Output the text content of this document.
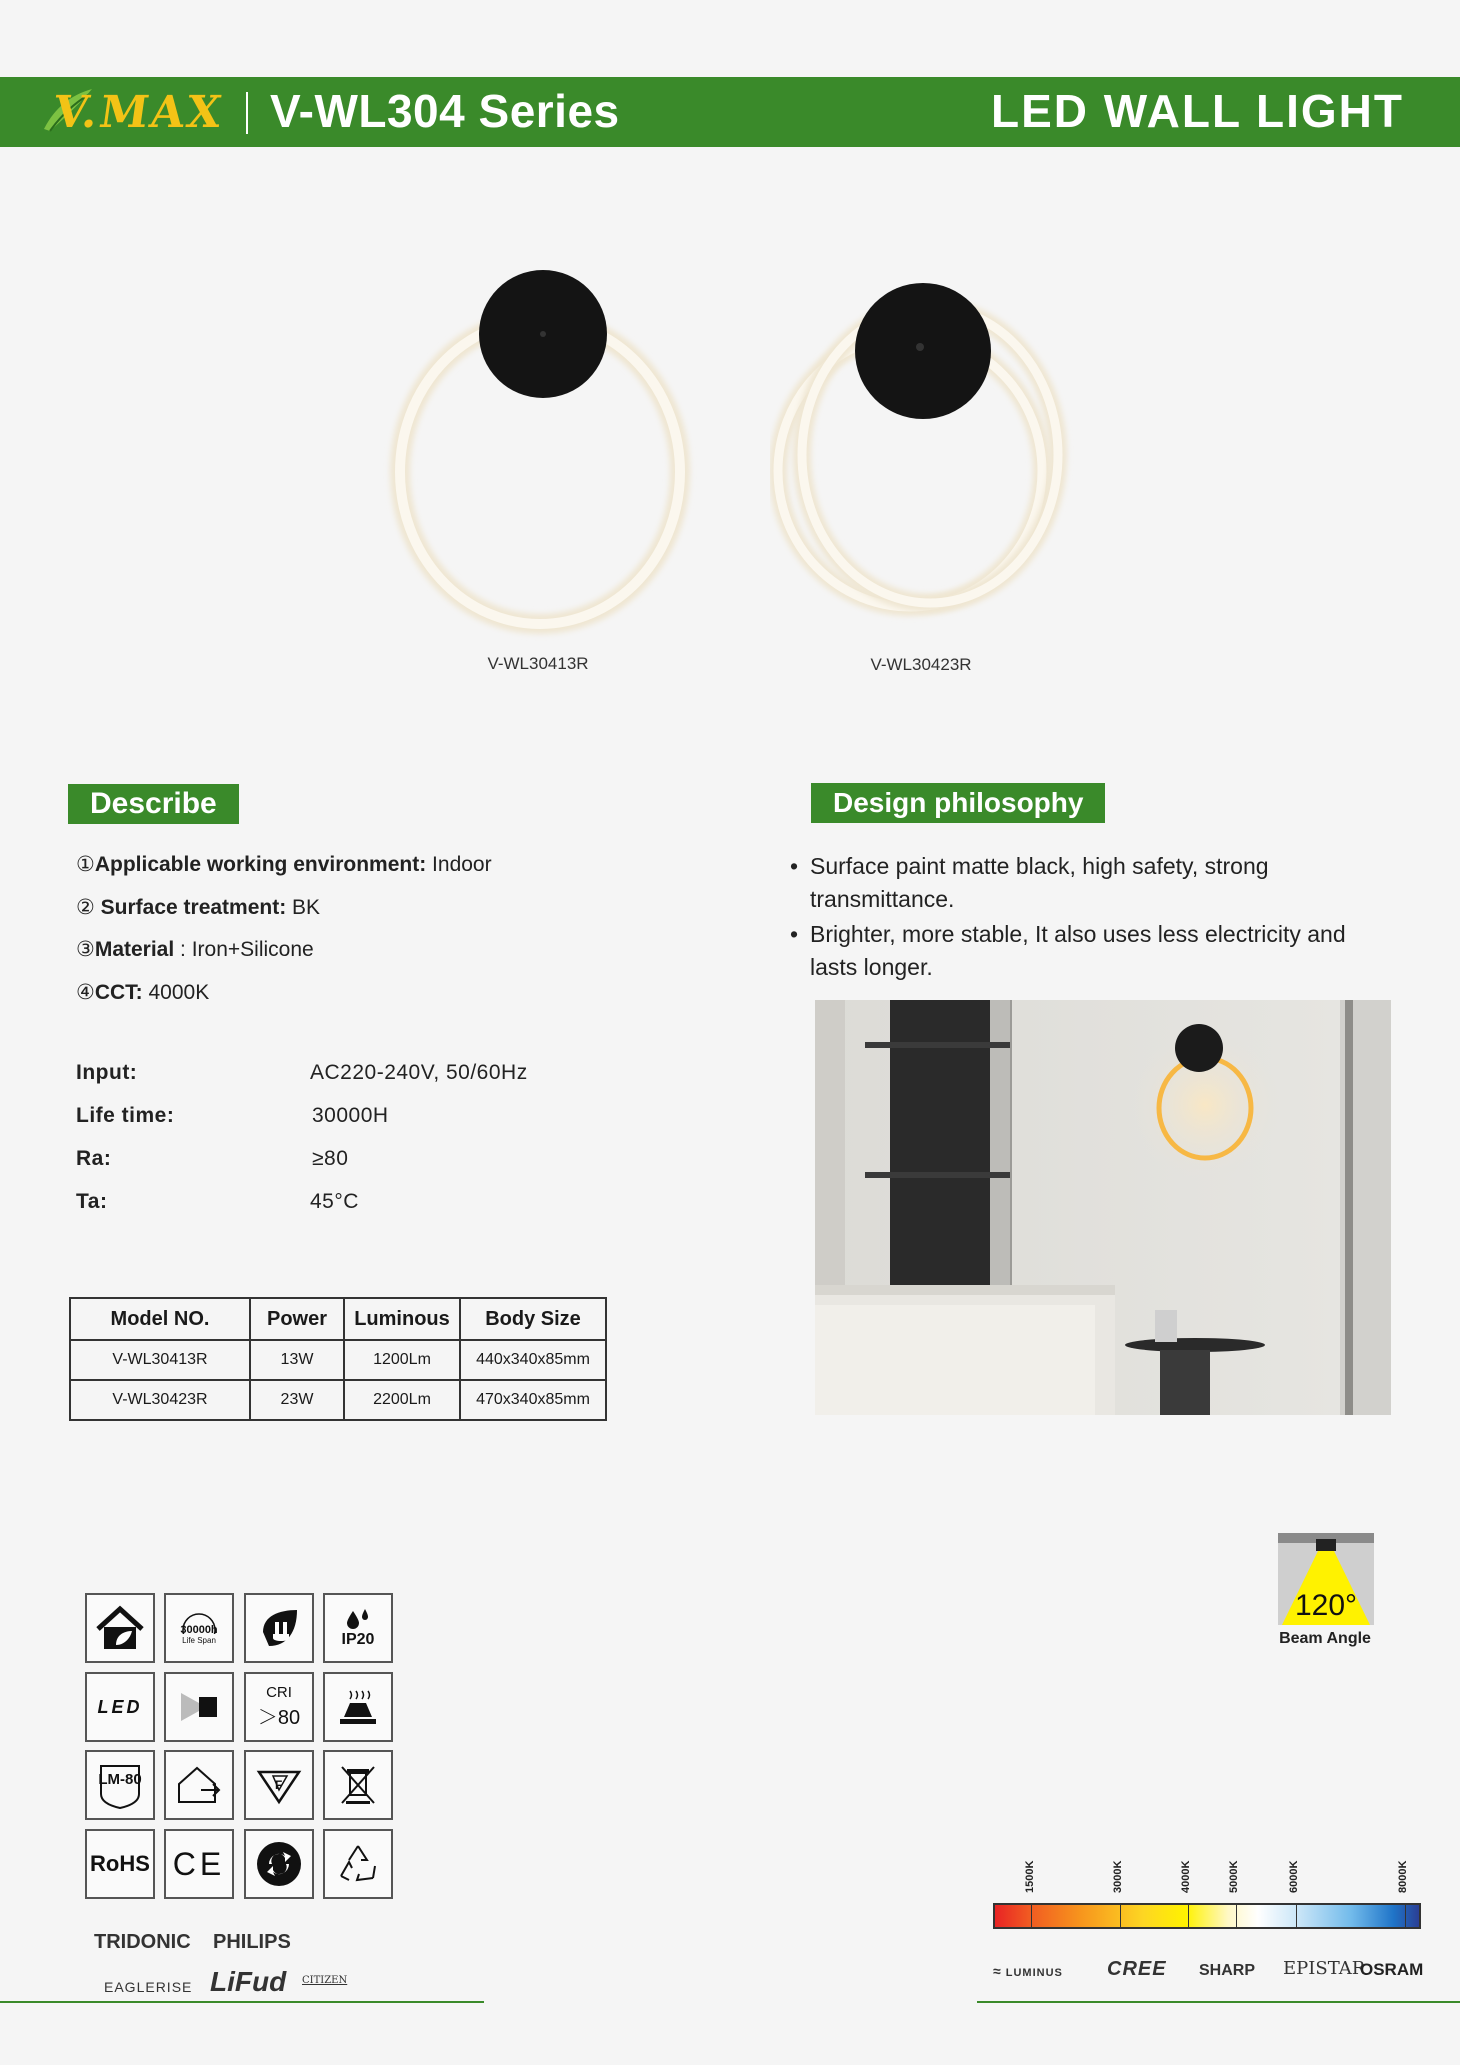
V.MAX V-WL304 Series	LED WALL LIGHT
V-WL30413R	V-WL30423R
Describe
①Applicable working environment: Indoor
② Surface treatment: BK
③Material : Iron+Silicone
④CCT: 4000K
Input:	AC220-240V, 50/60Hz
Life time:	30000H
Ra:	≥80
Ta:	45°C
Model NO.	Power	Luminous	Body Size
V-WL30413R	13W	1200Lm	440x340x85mm
V-WL30423R	23W	2200Lm	470x340x85mm
Design philosophy
• Surface paint matte black, high safety, strong transmittance.
• Brighter, more stable, It also uses less electricity and lasts longer.
30000h
Life Span	IP20
LED
CRI
＞80
LM-80	F
RoHS CE
TRIDONIC PHILIPS
EAGLERISE LiFud CITIZEN
120°
Beam Angle
1500K	3000K	4000K	5000K	6000K	8000K
≈ LUMINUS CREE SHARP EPISTAR
OSRAM
